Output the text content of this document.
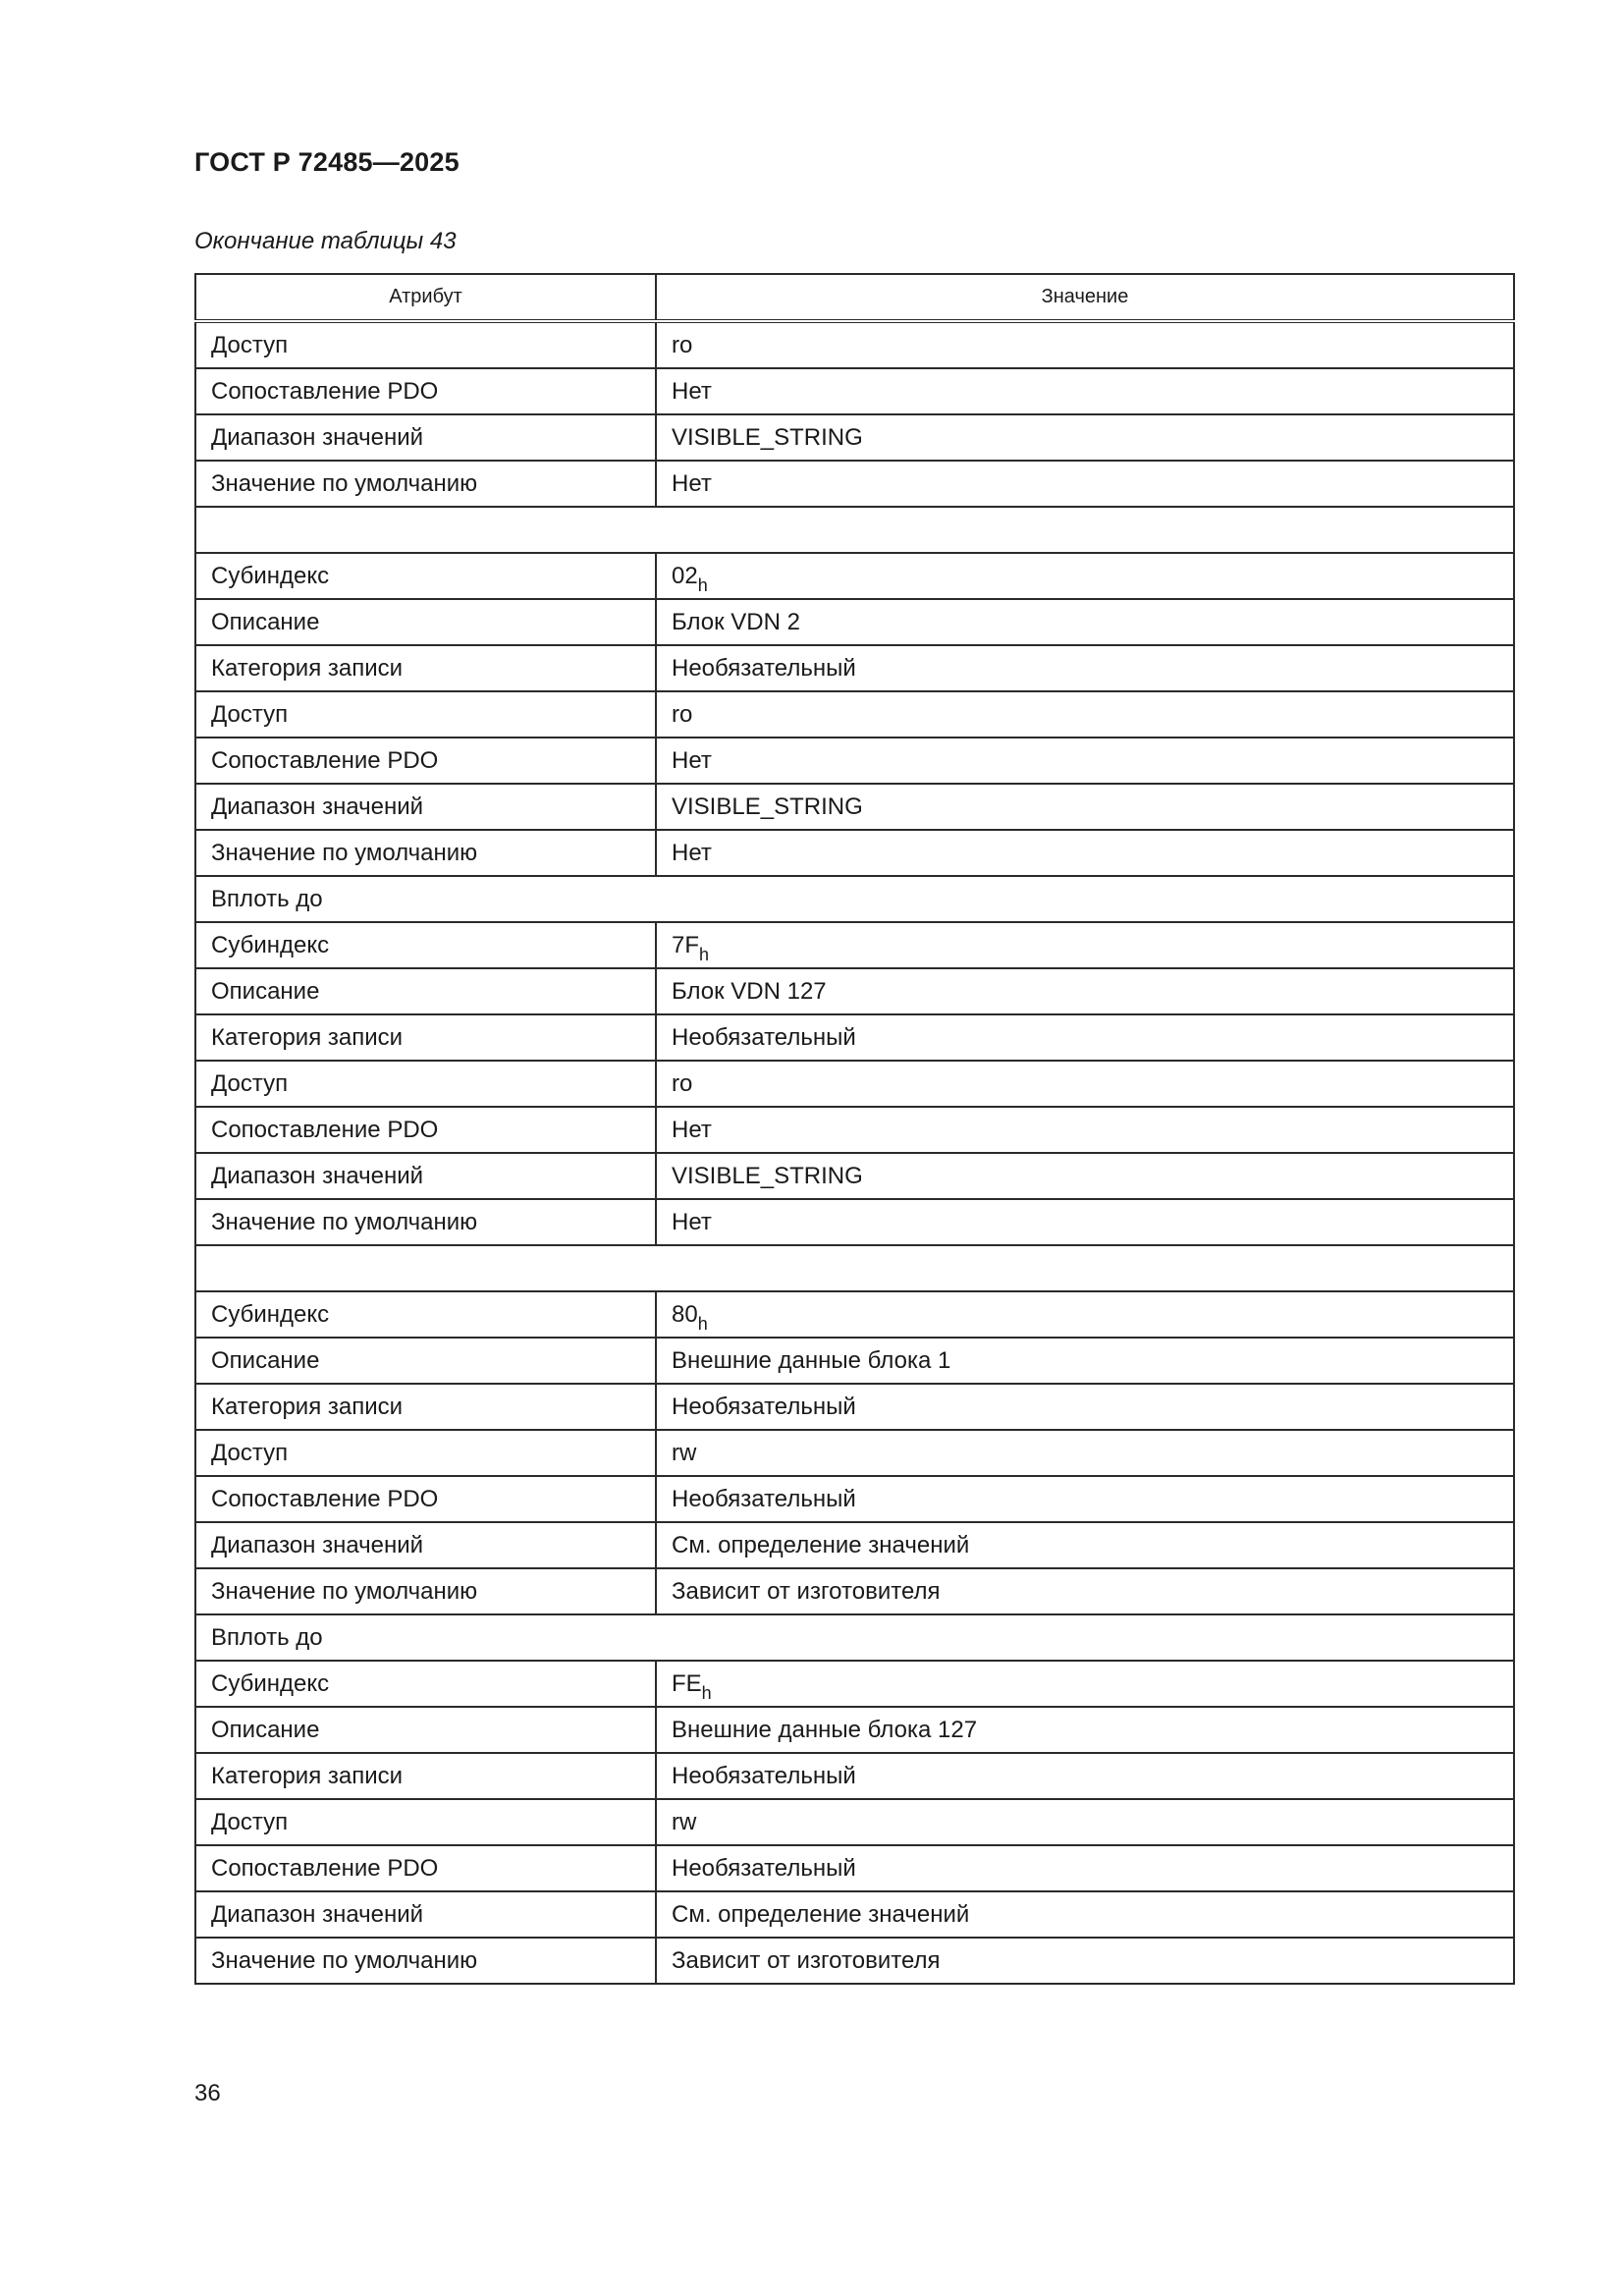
ГОСТ Р 72485—2025
Окончание таблицы 43
Атрибут	Значение
Доступ	ro
Сопоставление PDO	Нет
Диапазон значений	VISIBLE_STRING
Значение по умолчанию	Нет

Субиндекс	$02_h$
Описание	Блок VDN 2
Категория записи	Необязательный
Доступ	ro
Сопоставление PDO	Нет
Диапазон значений	VISIBLE_STRING
Значение по умолчанию	Нет
Вплоть до	
Субиндекс	$7F_h$
Описание	Блок VDN 127
Категория записи	Необязательный
Доступ	ro
Сопоставление PDO	Нет
Диапазон значений	VISIBLE_STRING
Значение по умолчанию	Нет

Субиндекс	$80_h$
Описание	Внешние данные блока 1
Категория записи	Необязательный
Доступ	rw
Сопоставление PDO	Необязательный
Диапазон значений	См. определение значений
Значение по умолчанию	Зависит от изготовителя
Вплоть до	
Субиндекс	$FE_h$
Описание	Внешние данные блока 127
Категория записи	Необязательный
Доступ	rw
Сопоставление PDO	Необязательный
Диапазон значений	См. определение значений
Значение по умолчанию	Зависит от изготовителя
36
